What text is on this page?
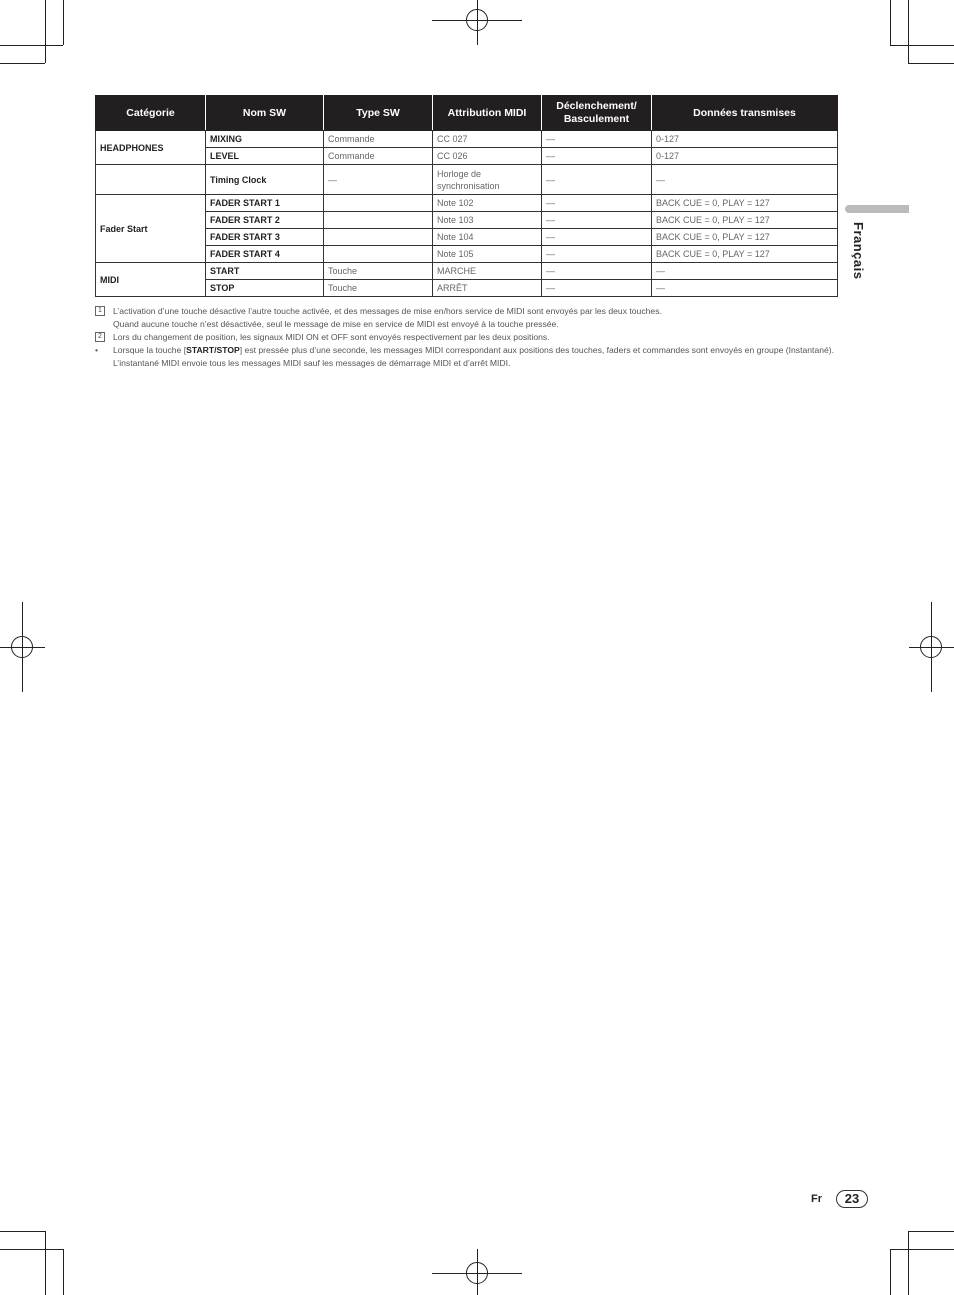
Catégorie	Nom SW	Type SW	Attribution MIDI	Déclenchement/ Basculement	Données transmises
HEADPHONES	MIXING	Commande	CC 027	—	0-127
	LEVEL	Commande	CC 026	—	0-127
	Timing Clock	—	Horloge de synchronisation	—	—
Fader Start	FADER START 1		Note 102	—	BACK CUE = 0, PLAY = 127
	FADER START 2		Note 103	—	BACK CUE = 0, PLAY = 127
	FADER START 3		Note 104	—	BACK CUE = 0, PLAY = 127
	FADER START 4		Note 105	—	BACK CUE = 0, PLAY = 127
MIDI	START	Touche	MARCHE	—	—
	STOP	Touche	ARRÊT	—	—
1	L’activation d’une touche désactive l’autre touche activée, et des messages de mise en/hors service de MIDI sont envoyés par les deux touches.
Quand aucune touche n’est désactivée, seul le message de mise en service de MIDI est envoyé à la touche pressée.
2	Lors du changement de position, les signaux MIDI ON et OFF sont envoyés respectivement par les deux positions.
• Lorsque la touche [START/STOP] est pressée plus d’une seconde, les messages MIDI correspondant aux positions des touches, faders et commandes sont envoyés en groupe (Instantané).
L’instantané MIDI envoie tous les messages MIDI sauf les messages de démarrage MIDI et d’arrêt MIDI.
Français
Fr	23
